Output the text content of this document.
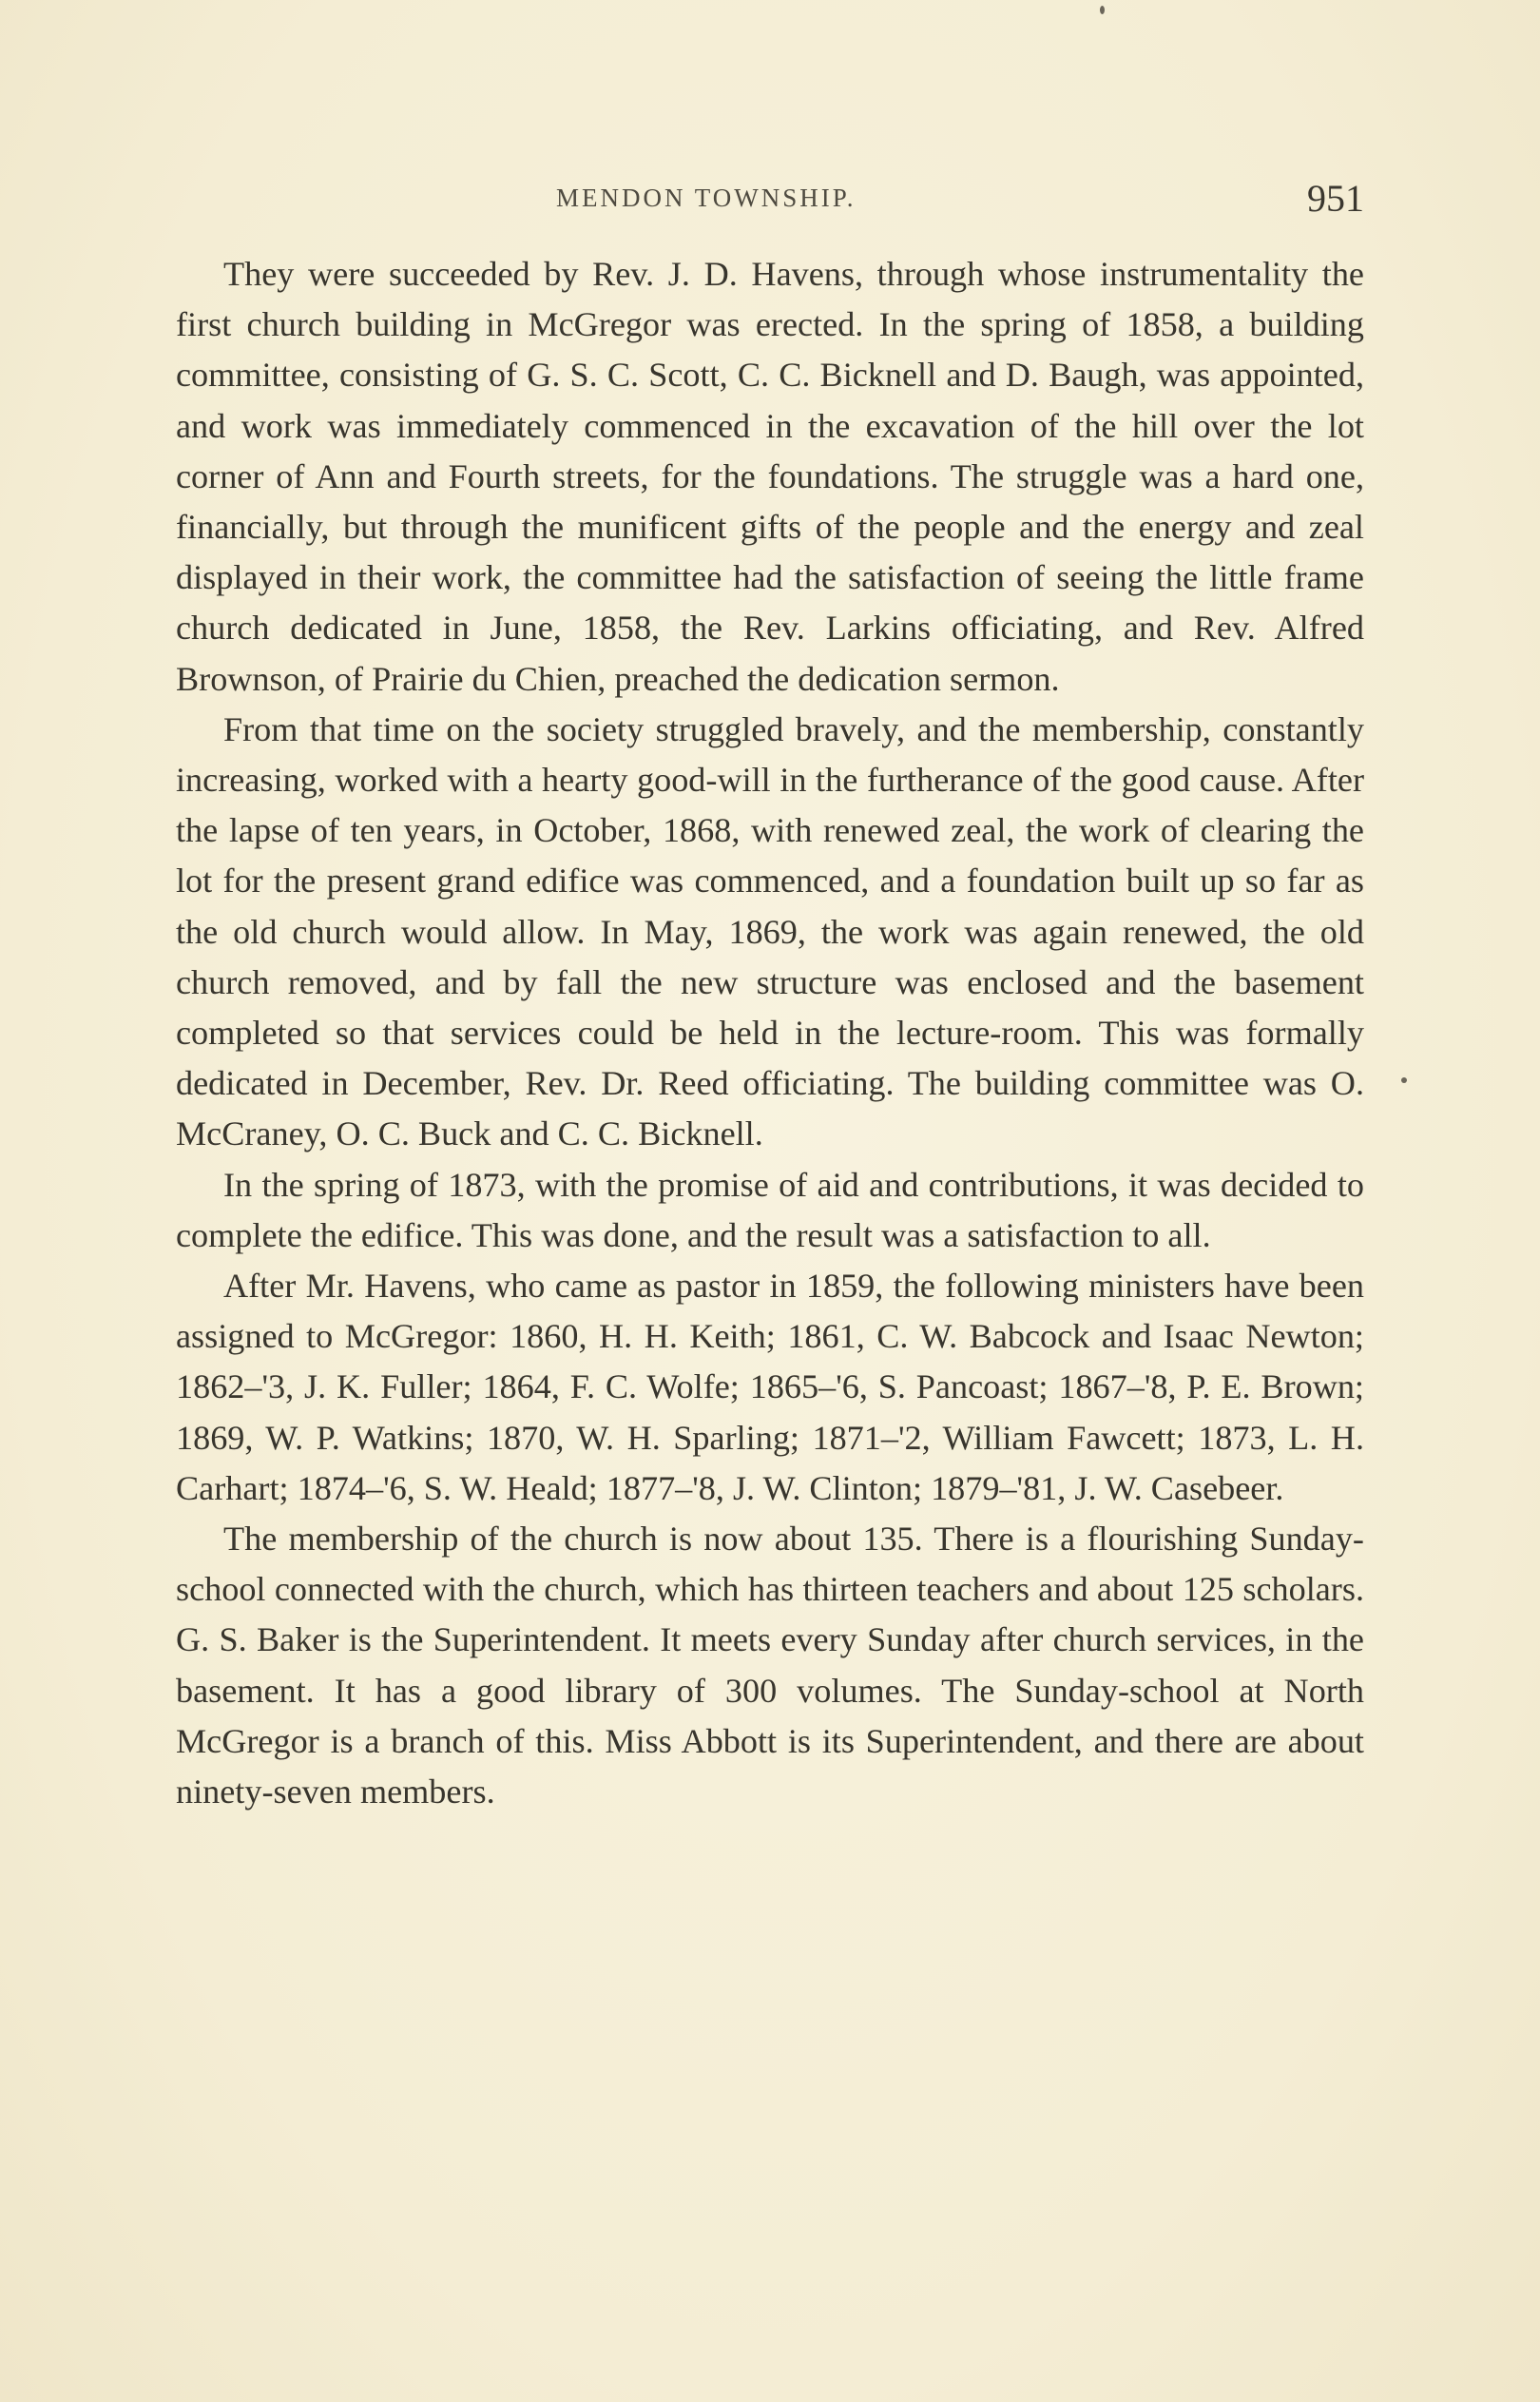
MENDON TOWNSHIP.	951

They were succeeded by Rev. J. D. Havens, through whose instrumentality the first church building in McGregor was erected. In the spring of 1858, a building committee, consisting of G. S. C. Scott, C. C. Bicknell and D. Baugh, was appointed, and work was immediately commenced in the excavation of the hill over the lot corner of Ann and Fourth streets, for the foundations. The struggle was a hard one, financially, but through the munificent gifts of the people and the energy and zeal displayed in their work, the committee had the satisfaction of seeing the little frame church dedicated in June, 1858, the Rev. Larkins officiating, and Rev. Alfred Brownson, of Prairie du Chien, preached the dedication sermon.

From that time on the society struggled bravely, and the membership, constantly increasing, worked with a hearty good-will in the furtherance of the good cause. After the lapse of ten years, in October, 1868, with renewed zeal, the work of clearing the lot for the present grand edifice was commenced, and a foundation built up so far as the old church would allow. In May, 1869, the work was again renewed, the old church removed, and by fall the new structure was enclosed and the basement completed so that services could be held in the lecture-room. This was formally dedicated in December, Rev. Dr. Reed officiating. The building committee was O. McCraney, O. C. Buck and C. C. Bicknell.

In the spring of 1873, with the promise of aid and contributions, it was decided to complete the edifice. This was done, and the result was a satisfaction to all.

After Mr. Havens, who came as pastor in 1859, the following ministers have been assigned to McGregor: 1860, H. H. Keith; 1861, C. W. Babcock and Isaac Newton; 1862–'3, J. K. Fuller; 1864, F. C. Wolfe; 1865–'6, S. Pancoast; 1867–'8, P. E. Brown; 1869, W. P. Watkins; 1870, W. H. Sparling; 1871–'2, William Fawcett; 1873, L. H. Carhart; 1874–'6, S. W. Heald; 1877–'8, J. W. Clinton; 1879–'81, J. W. Casebeer.

The membership of the church is now about 135. There is a flourishing Sunday-school connected with the church, which has thirteen teachers and about 125 scholars. G. S. Baker is the Superintendent. It meets every Sunday after church services, in the basement. It has a good library of 300 volumes. The Sunday-school at North McGregor is a branch of this. Miss Abbott is its Superintendent, and there are about ninety-seven members.
